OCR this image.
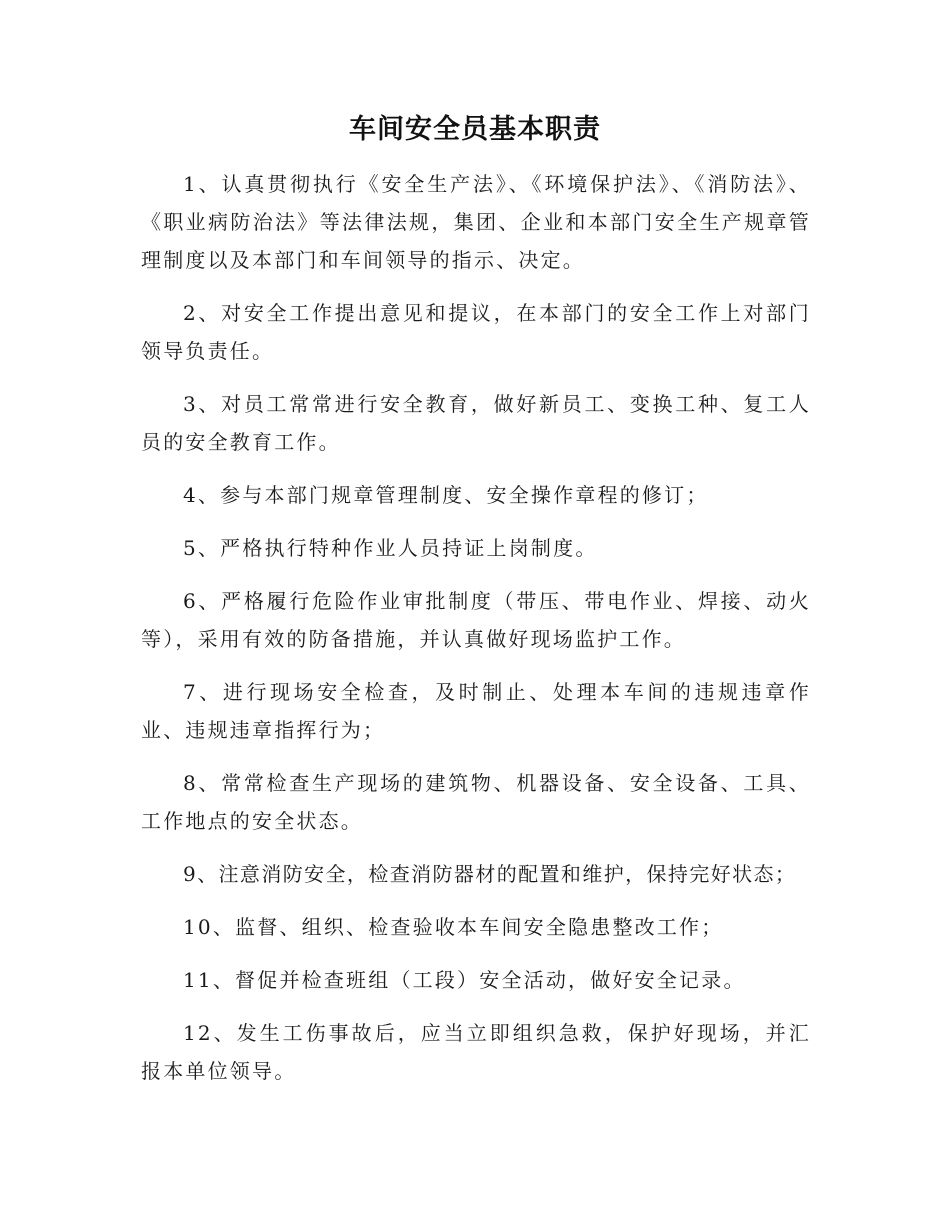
车间安全员基本职责

1、认真贯彻执行《安全生产法》、《环境保护法》、《消防法》、《职业病防治法》等法律法规，集团、企业和本部门安全生产规章管理制度以及本部门和车间领导的指示、决定。

2、对安全工作提出意见和提议，在本部门的安全工作上对部门领导负责任。

3、对员工常常进行安全教育，做好新员工、变换工种、复工人员的安全教育工作。

4、参与本部门规章管理制度、安全操作章程的修订；

5、严格执行特种作业人员持证上岗制度。

6、严格履行危险作业审批制度（带压、带电作业、焊接、动火等），采用有效的防备措施，并认真做好现场监护工作。

7、进行现场安全检查，及时制止、处理本车间的违规违章作业、违规违章指挥行为；

8、常常检查生产现场的建筑物、机器设备、安全设备、工具、工作地点的安全状态。

9、注意消防安全，检查消防器材的配置和维护，保持完好状态；

10、监督、组织、检查验收本车间安全隐患整改工作；

11、督促并检查班组（工段）安全活动，做好安全记录。

12、发生工伤事故后，应当立即组织急救，保护好现场，并汇报本单位领导。
